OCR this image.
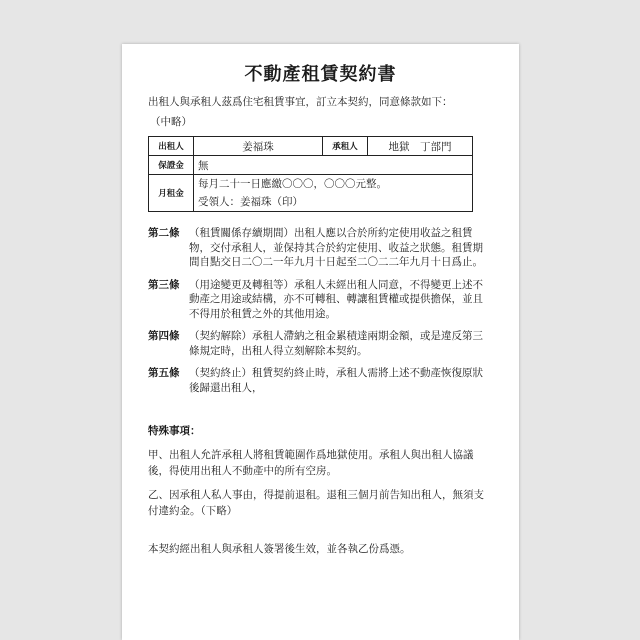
不動產租賃契約書
出租人與承租人茲爲住宅租賃事宜，訂立本契約，同意條款如下：
（中略）
出租人	姜福珠	承租人	地獄　丁部門
保證金	無		
月租金	每月二十一日應繳〇〇〇，〇〇〇元整。
受領人：姜福珠（印）		
第二條 （租賃關係存續期間）出租人應以合於所約定使用收益之租賃物，交付承租人，並保持其合於約定使用、收益之狀態。租賃期間自點交日二〇二一年九月十日起至二〇二二年九月十日爲止。
第三條 （用途變更及轉租等）承租人未經出租人同意，不得變更上述不動產之用途或結構，亦不可轉租、轉讓租賃權或提供擔保，並且不得用於租賃之外的其他用途。
第四條 （契約解除）承租人滯納之租金累積達兩期金額，或是違反第三條規定時，出租人得立刻解除本契約。
第五條 （契約終止）租賃契約終止時，承租人需將上述不動產恢復原狀後歸還出租人，
特殊事項：
甲、出租人允許承租人將租賃範圍作爲地獄使用。承租人與出租人協議後，得使用出租人不動產中的所有空房。
乙、因承租人私人事由，得提前退租。退租三個月前告知出租人，無須支付違約金。（下略）
本契約經出租人與承租人簽署後生效，並各執乙份爲憑。
